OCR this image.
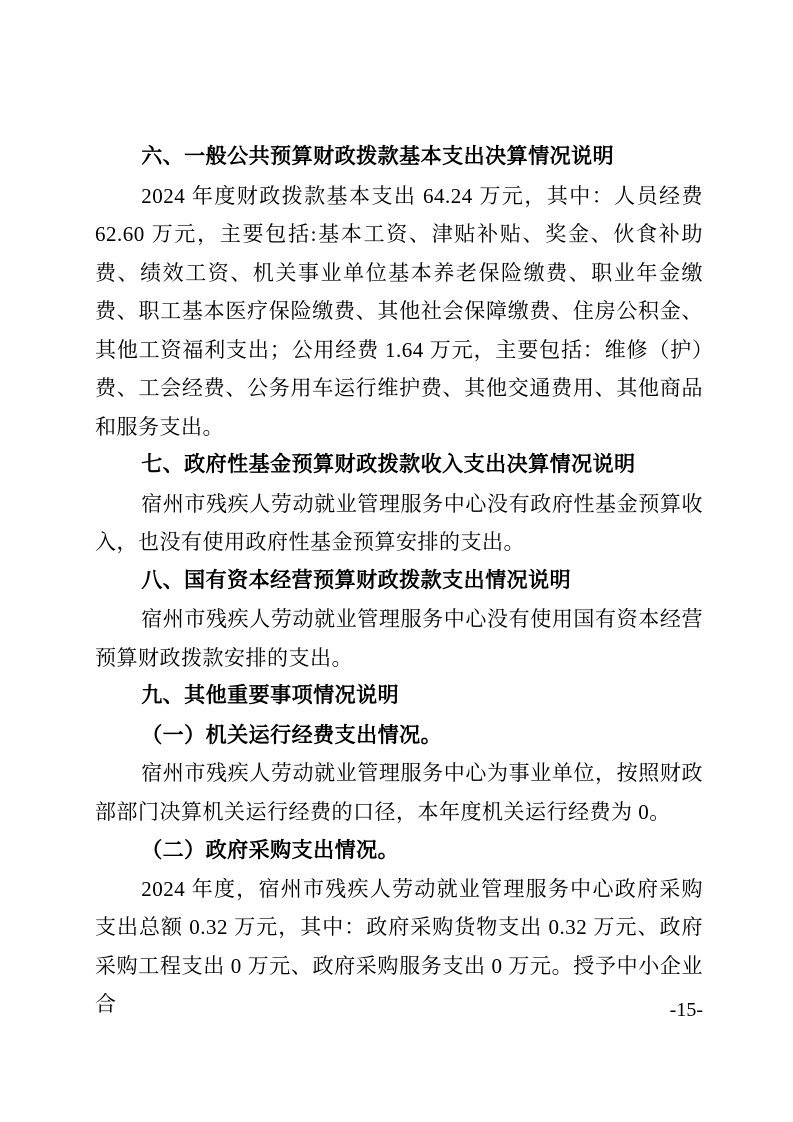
六、一般公共预算财政拨款基本支出决算情况说明

2024 年度财政拨款基本支出 64.24 万元，其中：人员经费 62.60 万元，主要包括:基本工资、津贴补贴、奖金、伙食补助费、绩效工资、机关事业单位基本养老保险缴费、职业年金缴费、职工基本医疗保险缴费、其他社会保障缴费、住房公积金、其他工资福利支出；公用经费 1.64 万元，主要包括：维修（护）费、工会经费、公务用车运行维护费、其他交通费用、其他商品和服务支出。

七、政府性基金预算财政拨款收入支出决算情况说明

宿州市残疾人劳动就业管理服务中心没有政府性基金预算收入，也没有使用政府性基金预算安排的支出。

八、国有资本经营预算财政拨款支出情况说明

宿州市残疾人劳动就业管理服务中心没有使用国有资本经营预算财政拨款安排的支出。

九、其他重要事项情况说明
（一）机关运行经费支出情况。

宿州市残疾人劳动就业管理服务中心为事业单位，按照财政部部门决算机关运行经费的口径，本年度机关运行经费为 0。

（二）政府采购支出情况。

2024 年度，宿州市残疾人劳动就业管理服务中心政府采购支出总额 0.32 万元，其中：政府采购货物支出 0.32 万元、政府采购工程支出 0 万元、政府采购服务支出 0 万元。授予中小企业合	-15-
